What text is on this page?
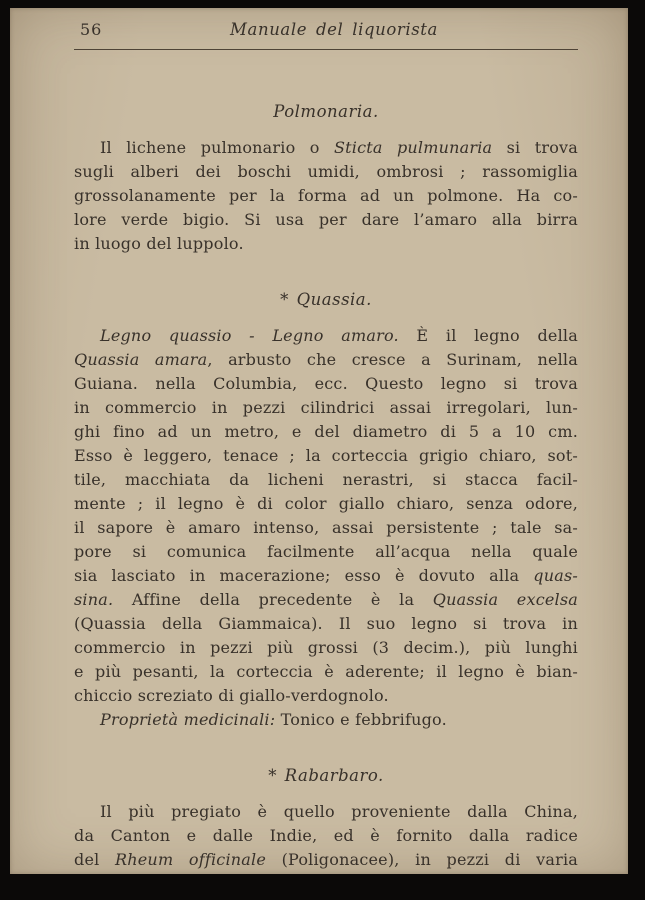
56	Manuale del liquorista
Polmonaria.
Il lichene pulmonario o Sticta pulmunaria si trova
sugli alberi dei boschi umidi, ombrosi ; rassomiglia
grossolanamente per la forma ad un polmone. Ha co-
lore verde bigio. Si usa per dare l’amaro alla birra
in luogo del luppolo.
* Quassia.
Legno quassio - Legno amaro. È il legno della
Quassia amara, arbusto che cresce a Surinam, nella
Guiana. nella Columbia, ecc. Questo legno si trova
in commercio in pezzi cilindrici assai irregolari, lun-
ghi fino ad un metro, e del diametro di 5 a 10 cm.
Esso è leggero, tenace ; la corteccia grigio chiaro, sot-
tile, macchiata da licheni nerastri, si stacca facil-
mente ; il legno è di color giallo chiaro, senza odore,
il sapore è amaro intenso, assai persistente ; tale sa-
pore si comunica facilmente all’acqua nella quale
sia lasciato in macerazione; esso è dovuto alla quas-
sina. Affine della precedente è la Quassia excelsa
(Quassia della Giammaica). Il suo legno si trova in
commercio in pezzi più grossi (3 decim.), più lunghi
e più pesanti, la corteccia è aderente; il legno è bian-
chiccio screziato di giallo-verdognolo.
Proprietà medicinali: Tonico e febbrifugo.
* Rabarbaro.
Il più pregiato è quello proveniente dalla China,
da Canton e dalle Indie, ed è fornito dalla radice
del Rheum officinale (Poligonacee), in pezzi di varia
